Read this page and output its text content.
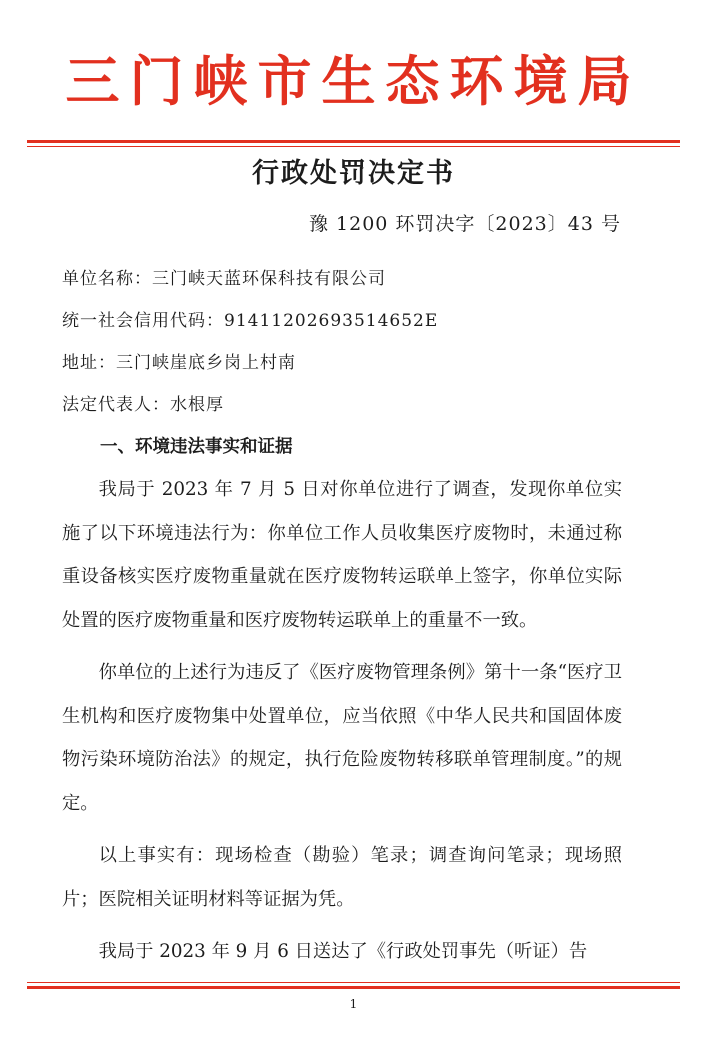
三门峡市生态环境局
行政处罚决定书
豫 1200 环罚决字〔2023〕43 号
单位名称：三门峡天蓝环保科技有限公司
统一社会信用代码：91411202693514652E
地址：三门峡崖底乡岗上村南
法定代表人：水根厚
一、环境违法事实和证据

我局于 2023 年 7 月 5 日对你单位进行了调查，发现你单位实施了以下环境违法行为：你单位工作人员收集医疗废物时，未通过称重设备核实医疗废物重量就在医疗废物转运联单上签字，你单位实际处置的医疗废物重量和医疗废物转运联单上的重量不一致。

你单位的上述行为违反了《医疗废物管理条例》第十一条“医疗卫生机构和医疗废物集中处置单位，应当依照《中华人民共和国固体废物污染环境防治法》的规定，执行危险废物转移联单管理制度。”的规定。

以上事实有：现场检查（勘验）笔录；调查询问笔录；现场照片；医院相关证明材料等证据为凭。

我局于 2023 年 9 月 6 日送达了《行政处罚事先（听证）告

1
